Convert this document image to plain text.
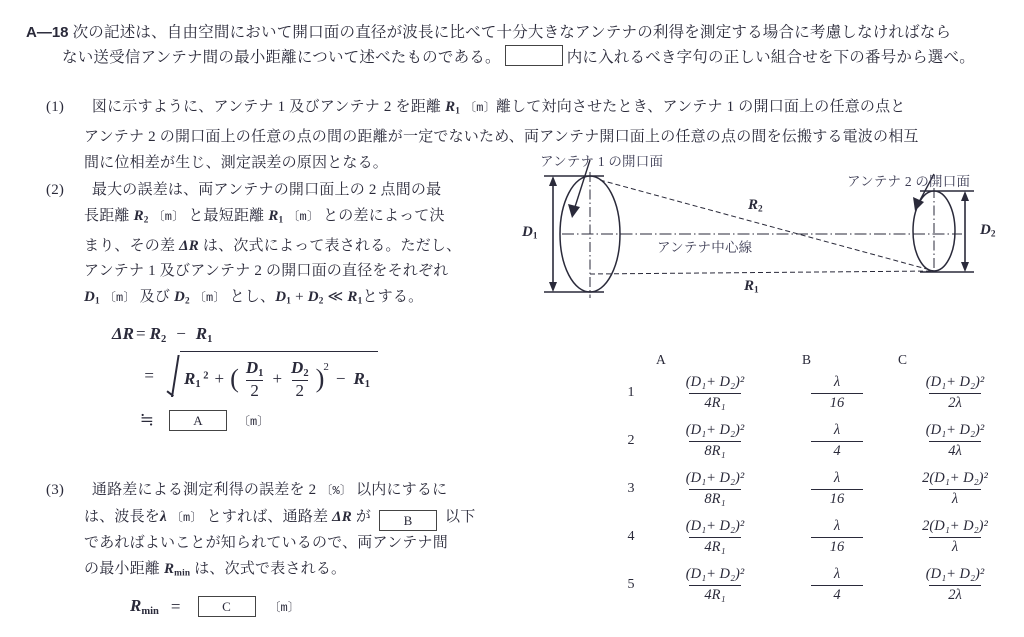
A—18 次の記述は、自由空間において開口面の直径が波長に比べて十分大きなアンテナの利得を測定する場合に考慮しなければなら
ない送受信アンテナ間の最小距離について述べたものである。	内に入れるべき字句の正しい組合せを下の番号から選べ。
(1)	図に示すように、アンテナ 1 及びアンテナ 2 を距離 $R_1$ 〔m〕離して対向させたとき、アンテナ 1 の開口面上の任意の点と
アンテナ 2 の開口面上の任意の点の間の距離が一定でないため、両アンテナ開口面上の任意の点の間を伝搬する電波の相互
間に位相差が生じ、測定誤差の原因となる。
(2)	最大の誤差は、両アンテナの開口面上の 2 点間の最
長距離 $R_2$ 〔m〕 と最短距離 $R_1$ 〔m〕 との差によって決
まり、その差 ΔR は、次式によって表される。ただし、
アンテナ 1 及びアンテナ 2 の開口面の直径をそれぞれ
$D_1$ 〔m〕 及び $D_2$ 〔m〕 とし、$D_1 + D_2$ ≪ $R_1$とする。
$\Delta R = R_2 - R_1$
=	$R_1$ $^2$ + ( $\frac{D_1}{2} + \frac{D_2}{2}$ ) 2
− $R_1$
≒	A	〔m〕
(3)	通路差による測定利得の誤差を 2 〔%〕 以内にするに
は、波長をλ 〔m〕 とすれば、通路差 ΔR が B 以下
であればよいことが知られているので、両アンテナ間
の最小距離 $R_{min}$ は、次式で表される。
$R_{min}$ =	C	〔m〕
アンテナ 1 の開口面
アンテナ 2 の開口面
アンテナ中心線
$D_1$	$D_2$
$R_2$
$R_1$
A	B	C
1	$\frac{\text{(D₁+ D₂)²}}{\text{4R₁}}$	$\frac{\lambda}{16}$	$\frac{\text{(D₁+ D₂)²}}{2\lambda}$
2	$\frac{\text{(D₁+ D₂)²}}{\text{8R₁}}$	$\frac{\lambda}{4}$	$\frac{\text{(D₁+ D₂)²}}{4\lambda}$
3	$\frac{\text{(D₁+ D₂)²}}{\text{8R₁}}$	$\frac{\lambda}{16}$	$\frac{\text{2(D₁+ D₂)²}}{\lambda}$
4	$\frac{\text{(D₁+ D₂)²}}{\text{4R₁}}$	$\frac{\lambda}{16}$	$\frac{\text{2(D₁+ D₂)²}}{\lambda}$
5	$\frac{\text{(D₁+ D₂)²}}{\text{4R₁}}$	$\frac{\lambda}{4}$	$\frac{\text{(D₁+ D₂)²}}{2\lambda}$
